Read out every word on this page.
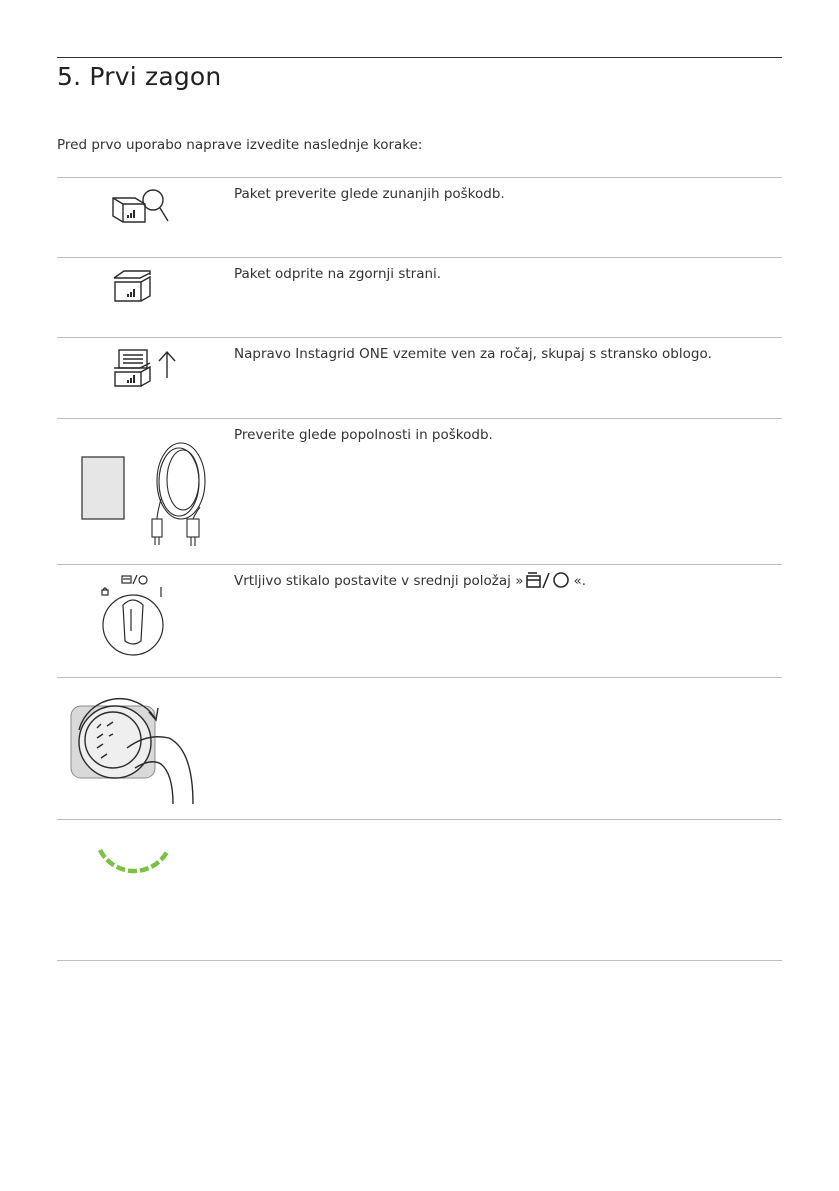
5. Prvi zagon

Pred prvo uporabo naprave izvedite naslednje korake:

Paket preverite glede zunanjih poškodb.

Paket odprite na zgornji strani.

Napravo Instagrid ONE vzemite ven za ročaj, skupaj s stransko oblogo.

Preverite glede popolnosti in poškodb.

Vrtljivo stikalo postavite v srednji položaj »	«.
